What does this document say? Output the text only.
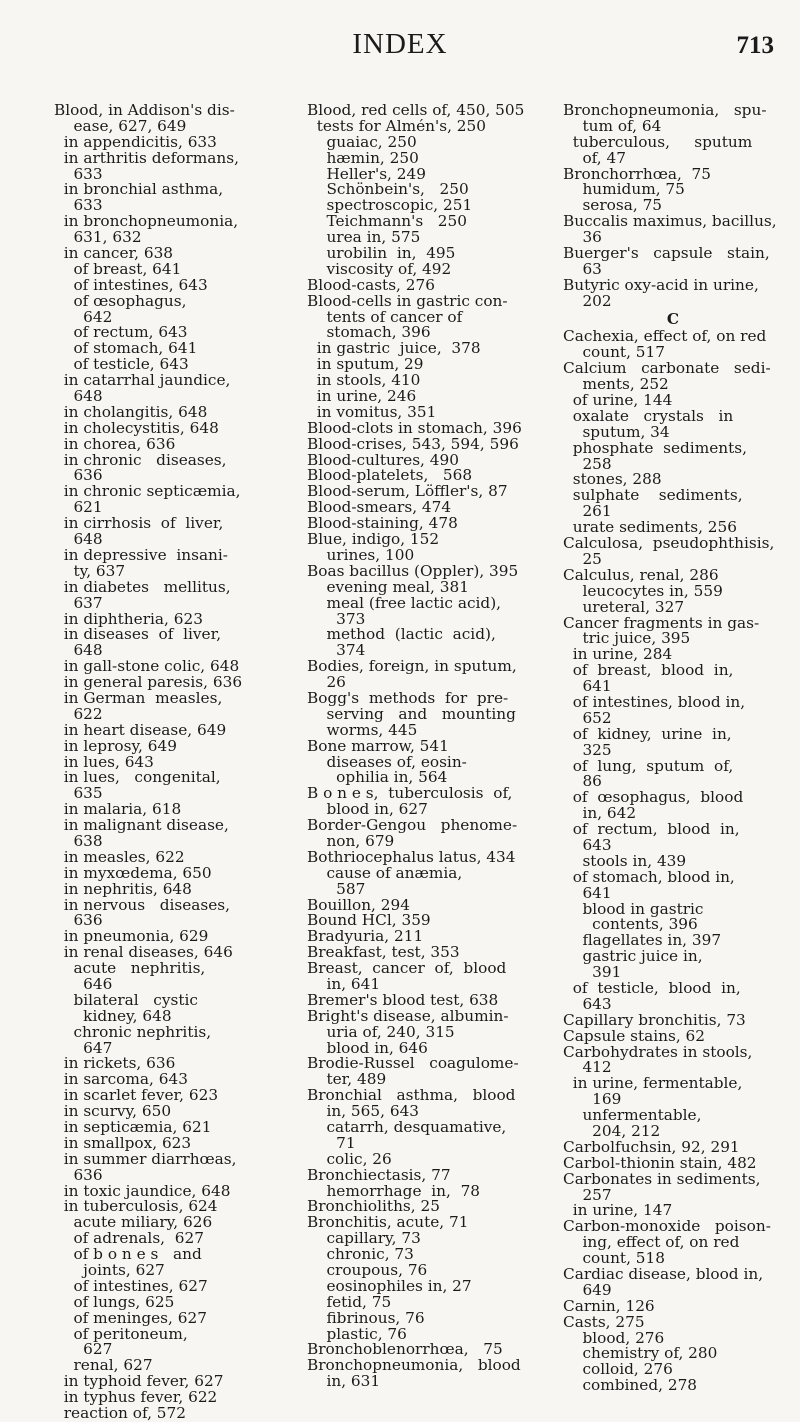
INDEX	713
Blood, in Addison's dis-
ease, 627, 649
in appendicitis, 633
in arthritis deformans,
633
in bronchial asthma,
633
in bronchopneumonia,
631, 632
in cancer, 638
of breast, 641
of intestines, 643
of œsophagus,
642
of rectum, 643
of stomach, 641
of testicle, 643
in catarrhal jaundice,
648
in cholangitis, 648
in cholecystitis, 648
in chorea, 636
in chronic   diseases,
636
in chronic septicæmia,
621
in cirrhosis  of  liver,
648
in depressive  insani-
ty, 637
in diabetes   mellitus,
637
in diphtheria, 623
in diseases  of  liver,
648
in gall-stone colic, 648
in general paresis, 636
in German  measles,
622
in heart disease, 649
in leprosy, 649
in lues, 643
in lues,   congenital,
635
in malaria, 618
in malignant disease,
638
in measles, 622
in myxœdema, 650
in nephritis, 648
in nervous   diseases,
636
in pneumonia, 629
in renal diseases, 646
acute   nephritis,
646
bilateral   cystic
kidney, 648
chronic nephritis,
647
in rickets, 636
in sarcoma, 643
in scarlet fever, 623
in scurvy, 650
in septicæmia, 621
in smallpox, 623
in summer diarrhœas,
636
in toxic jaundice, 648
in tuberculosis, 624
acute miliary, 626
of adrenals,  627
of b o n e s   and
joints, 627
of intestines, 627
of lungs, 625
of meninges, 627
of peritoneum,
627
renal, 627
in typhoid fever, 627
in typhus fever, 622
reaction of, 572
Blood, red cells of, 450, 505
tests for Almén's, 250
guaiac, 250
hæmin, 250
Heller's, 249
Schönbein's,   250
spectroscopic, 251
Teichmann's   250
urea in, 575
urobilin  in,  495
viscosity of, 492
Blood-casts, 276
Blood-cells in gastric con-
tents of cancer of
stomach, 396
in gastric  juice,  378
in sputum, 29
in stools, 410
in urine, 246
in vomitus, 351
Blood-clots in stomach, 396
Blood-crises, 543, 594, 596
Blood-cultures, 490
Blood-platelets,   568
Blood-serum, Löffler's, 87
Blood-smears, 474
Blood-staining, 478
Blue, indigo, 152
urines, 100
Boas bacillus (Oppler), 395
evening meal, 381
meal (free lactic acid),
373
method  (lactic  acid),
374
Bodies, foreign, in sputum,
26
Bogg's  methods  for  pre-
serving   and   mounting
worms, 445
Bone marrow, 541
diseases of, eosin-
ophilia in, 564
B o n e s,  tuberculosis  of,
blood in, 627
Border-Gengou   phenome-
non, 679
Bothriocephalus latus, 434
cause of anæmia,
587
Bouillon, 294
Bound HCl, 359
Bradyuria, 211
Breakfast, test, 353
Breast,  cancer  of,  blood
in, 641
Bremer's blood test, 638
Bright's disease, albumin-
uria of, 240, 315
blood in, 646
Brodie-Russel   coagulome-
ter, 489
Bronchial   asthma,   blood
in, 565, 643
catarrh, desquamative,
71
colic, 26
Bronchiectasis, 77
hemorrhage  in,  78
Bronchioliths, 25
Bronchitis, acute, 71
capillary, 73
chronic, 73
croupous, 76
eosinophiles in, 27
fetid, 75
fibrinous, 76
plastic, 76
Bronchoblenorrhœa,   75
Bronchopneumonia,   blood
in, 631
Bronchopneumonia,   spu-
tum of, 64
tuberculous,     sputum
of, 47
Bronchorrhœa,  75
humidum, 75
serosa, 75
Buccalis maximus, bacillus,
36
Buerger's   capsule   stain,
63
Butyric oxy-acid in urine,
202
C
Cachexia, effect of, on red
count, 517
Calcium   carbonate   sedi-
ments, 252
of urine, 144
oxalate   crystals   in
sputum, 34
phosphate  sediments,
258
stones, 288
sulphate    sediments,
261
urate sediments, 256
Calculosa,  pseudophthisis,
25
Calculus, renal, 286
leucocytes in, 559
ureteral, 327
Cancer fragments in gas-
tric juice, 395
in urine, 284
of  breast,  blood  in,
641
of intestines, blood in,
652
of  kidney,  urine  in,
325
of  lung,  sputum  of,
86
of  œsophagus,  blood
in, 642
of  rectum,  blood  in,
643
stools in, 439
of stomach, blood in,
641
blood in gastric
contents, 396
flagellates in, 397
gastric juice in,
391
of  testicle,  blood  in,
643
Capillary bronchitis, 73
Capsule stains, 62
Carbohydrates in stools,
412
in urine, fermentable,
169
unfermentable,
204, 212
Carbolfuchsin, 92, 291
Carbol-thionin stain, 482
Carbonates in sediments,
257
in urine, 147
Carbon-monoxide   poison-
ing, effect of, on red
count, 518
Cardiac disease, blood in,
649
Carnin, 126
Casts, 275
blood, 276
chemistry of, 280
colloid, 276
combined, 278
